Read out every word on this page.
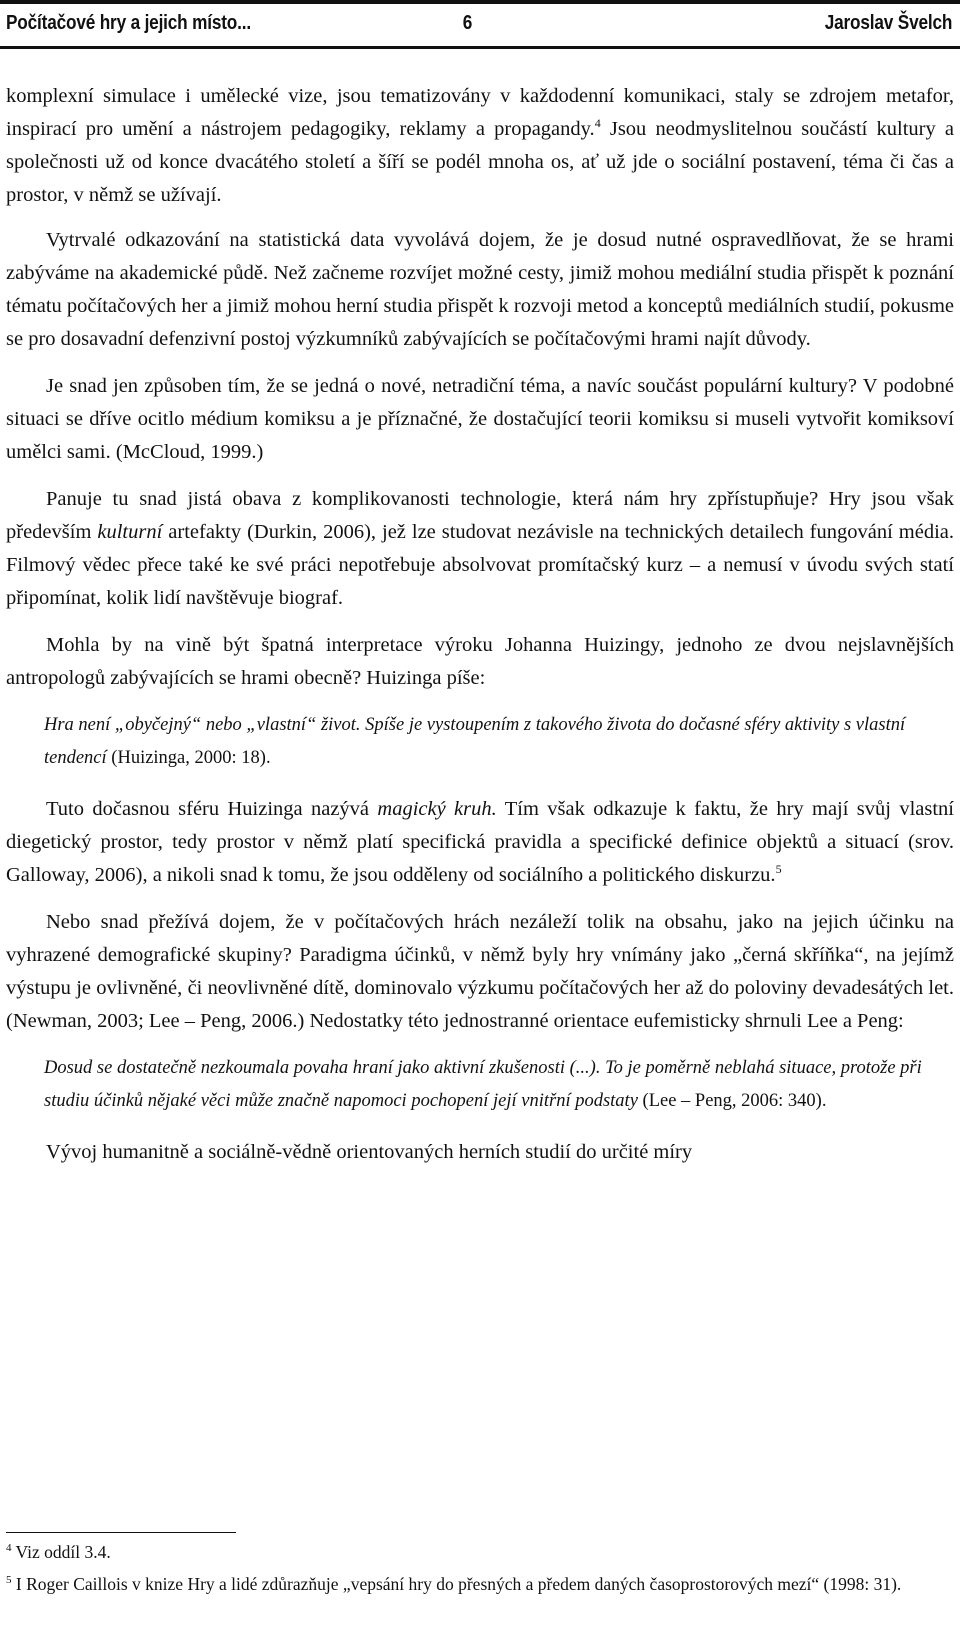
Počítačové hry a jejich místo...	6	Jaroslav Švelch

komplexní simulace i umělecké vize, jsou tematizovány v každodenní komunikaci, staly se zdrojem metafor, inspirací pro umění a nástrojem pedagogiky, reklamy a propagandy.$^4$ Jsou neodmyslitelnou součástí kultury a společnosti už od konce dvacátého století a šíří se podél mnoha os, ať už jde o sociální postavení, téma či čas a prostor, v němž se užívají.

Vytrvalé odkazování na statistická data vyvolává dojem, že je dosud nutné ospravedlňovat, že se hrami zabýváme na akademické půdě. Než začneme rozvíjet možné cesty, jimiž mohou mediální studia přispět k poznání tématu počítačových her a jimiž mohou herní studia přispět k rozvoji metod a konceptů mediálních studií, pokusme se pro dosavadní defenzivní postoj výzkumníků zabývajících se počítačovými hrami najít důvody.

Je snad jen způsoben tím, že se jedná o nové, netradiční téma, a navíc součást populární kultury? V podobné situaci se dříve ocitlo médium komiksu a je příznačné, že dostačující teorii komiksu si museli vytvořit komiksoví umělci sami. (McCloud, 1999.)

Panuje tu snad jistá obava z komplikovanosti technologie, která nám hry zpřístupňuje? Hry jsou však především kulturní artefakty (Durkin, 2006), jež lze studovat nezávisle na technických detailech fungování média. Filmový vědec přece také ke své práci nepotřebuje absolvovat promítačský kurz – a nemusí v úvodu svých statí připomínat, kolik lidí navštěvuje biograf.

Mohla by na vině být špatná interpretace výroku Johanna Huizingy, jednoho ze dvou nejslavnějších antropologů zabývajících se hrami obecně? Huizinga píše:

Hra není „obyčejný“ nebo „vlastní“ život. Spíše je vystoupením z takového života do dočasné sféry aktivity s vlastní tendencí (Huizinga, 2000: 18).

Tuto dočasnou sféru Huizinga nazývá magický kruh. Tím však odkazuje k faktu, že hry mají svůj vlastní diegetický prostor, tedy prostor v němž platí specifická pravidla a specifické definice objektů a situací (srov. Galloway, 2006), a nikoli snad k tomu, že jsou odděleny od sociálního a politického diskurzu.$^5$

Nebo snad přežívá dojem, že v počítačových hrách nezáleží tolik na obsahu, jako na jejich účinku na vyhrazené demografické skupiny? Paradigma účinků, v němž byly hry vnímány jako „černá skříňka“, na jejímž výstupu je ovlivněné, či neovlivněné dítě, dominovalo výzkumu počítačových her až do poloviny devadesátých let. (Newman, 2003; Lee – Peng, 2006.) Nedostatky této jednostranné orientace eufemisticky shrnuli Lee a Peng:

Dosud se dostatečně nezkoumala povaha hraní jako aktivní zkušenosti (...). To je poměrně neblahá situace, protože při studiu účinků nějaké věci může značně napomoci pochopení její vnitřní podstaty (Lee – Peng, 2006: 340).

Vývoj humanitně a sociálně-vědně orientovaných herních studií do určité míry

$^4$ Viz oddíl 3.4.

$^5$ I Roger Caillois v knize Hry a lidé zdůrazňuje „vepsání hry do přesných a předem daných časoprostorových mezí“ (1998: 31).
